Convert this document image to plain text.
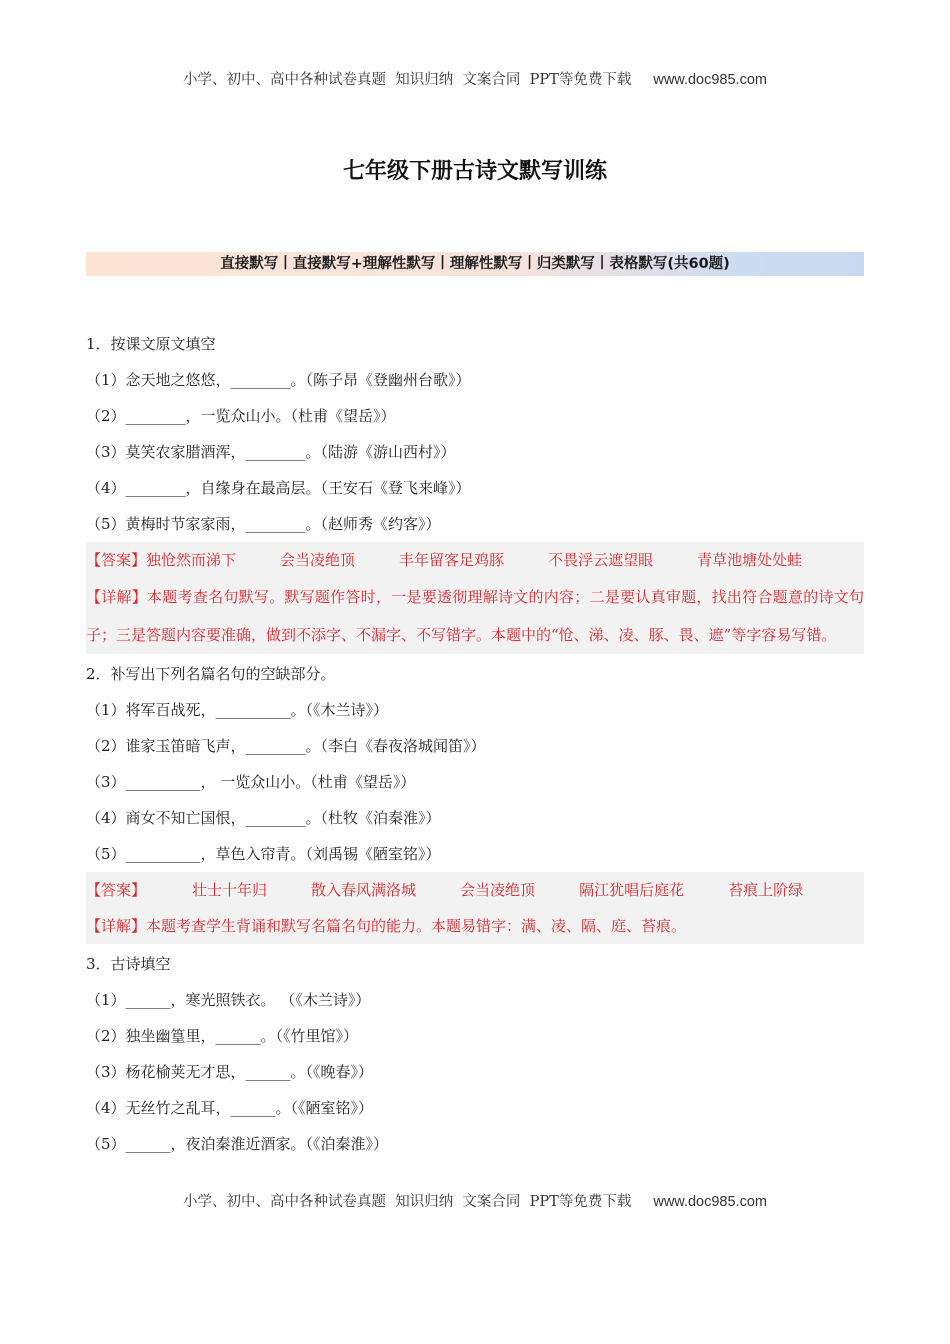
小学、初中、高中各种试卷真题  知识归纳  文案合同  PPT等免费下载 www.doc985.com
七年级下册古诗文默写训练
直接默写丨直接默写+理解性默写丨理解性默写丨归类默写丨表格默写(共60题)
1．按课文原文填空
（1）念天地之悠悠，________。（陈子昂《登幽州台歌》）
（2）________，一览众山小。（杜甫《望岳》）
（3）莫笑农家腊酒浑，________。（陆游《游山西村》）
（4）________，自缘身在最高层。（王安石《登飞来峰》）
（5）黄梅时节家家雨，________。（赵师秀《约客》）
【答案】独怆然而涕下	会当凌绝顶	丰年留客足鸡豚	不畏浮云遮望眼	青草池塘处处蛙
【详解】本题考查名句默写。默写题作答时，一是要透彻理解诗文的内容；二是要认真审题，找出符合题意的诗文句子；三是答题内容要准确，做到不添字、不漏字、不写错字。本题中的“怆、涕、凌、豚、畏、遮”等字容易写错。
2．补写出下列名篇名句的空缺部分。
（1）将军百战死，__________。（《木兰诗》）
（2）谁家玉笛暗飞声，________。（李白《春夜洛城闻笛》）
（3）__________， 一览众山小。（杜甫《望岳》）
（4）商女不知亡国恨，________。（杜牧《泊秦淮》）
（5）__________，草色入帘青。（刘禹锡《陋室铭》）
【答案】	壮士十年归	散入春风满洛城	会当凌绝顶	隔江犹唱后庭花	苔痕上阶绿
【详解】本题考查学生背诵和默写名篇名句的能力。本题易错字：满、凌、隔、庭、苔痕。
3．古诗填空
（1）______，寒光照铁衣。 （《木兰诗》）
（2）独坐幽篁里，______。（《竹里馆》）
（3）杨花榆荚无才思，______。（《晚春》）
（4）无丝竹之乱耳，______。（《陋室铭》）
（5）______，夜泊秦淮近酒家。（《泊秦淮》）
小学、初中、高中各种试卷真题  知识归纳  文案合同  PPT等免费下载 www.doc985.com
